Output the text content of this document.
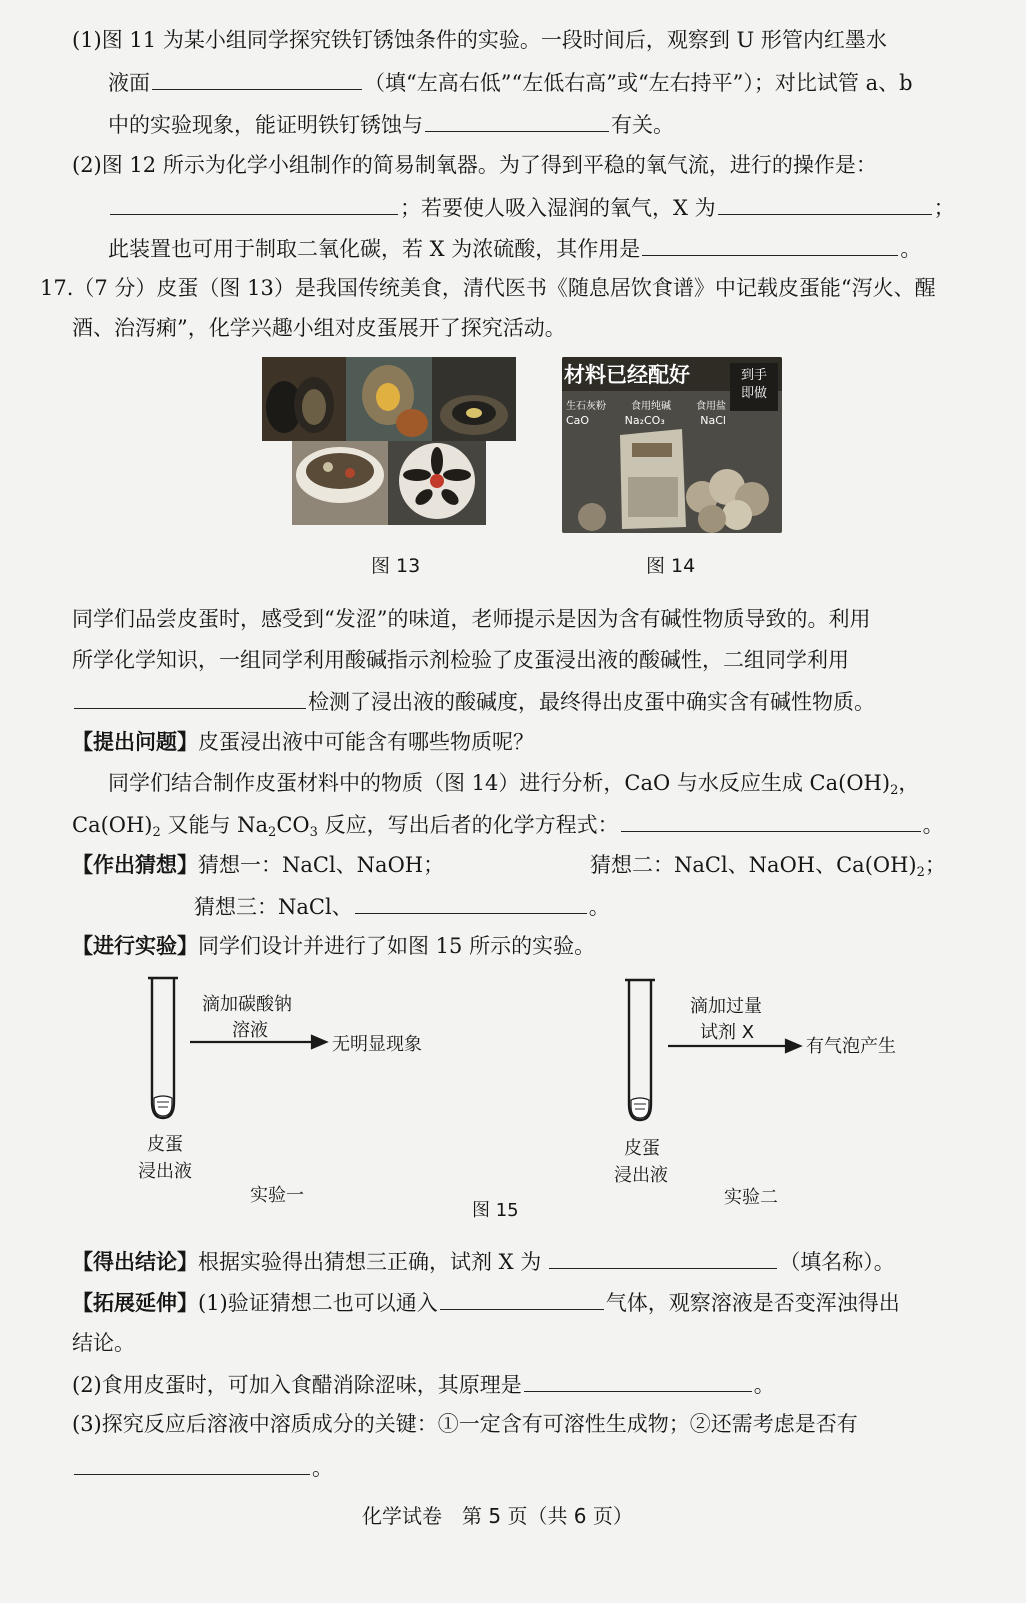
(1)图 11 为某小组同学探究铁钉锈蚀条件的实验。一段时间后，观察到 U 形管内红墨水
液面	（填“左高右低”“左低右高”或“左右持平”）；对比试管 a、b
中的实验现象，能证明铁钉锈蚀与	有关。
(2)图 12 所示为化学小组制作的简易制氧器。为了得到平稳的氧气流，进行的操作是：
；若要使人吸入湿润的氧气，X 为	；
此装置也可用于制取二氧化碳，若 X 为浓硫酸，其作用是	。
17.（7 分）皮蛋（图 13）是我国传统美食，清代医书《随息居饮食谱》中记载皮蛋能“泻火、醒
酒、治泻痢”，化学兴趣小组对皮蛋展开了探究活动。
图 13
材料已经配好	到手
即做
生石灰粉	食用纯碱	食用盐
CaO	Na₂CO₃	NaCl
图 14
同学们品尝皮蛋时，感受到“发涩”的味道，老师提示是因为含有碱性物质导致的。利用
所学化学知识，一组同学利用酸碱指示剂检验了皮蛋浸出液的酸碱性，二组同学利用
检测了浸出液的酸碱度，最终得出皮蛋中确实含有碱性物质。
【提出问题】皮蛋浸出液中可能含有哪些物质呢？
同学们结合制作皮蛋材料中的物质（图 14）进行分析，CaO 与水反应生成 $Ca(OH)_2$，
$Ca(OH)_2$ 又能与 $Na_2CO_3$ 反应，写出后者的化学方程式：	。
【作出猜想】猜想一：NaCl、NaOH；	猜想二：NaCl、NaOH、$Ca(OH)_2$；
猜想三：NaCl、	。
【进行实验】同学们设计并进行了如图 15 所示的实验。
滴加碳酸钠
溶液
无明显现象
皮蛋
浸出液
实验一
滴加过量
试剂 X
有气泡产生
皮蛋
浸出液
实验二
图 15
【得出结论】根据实验得出猜想三正确，试剂 X 为	（填名称）。
【拓展延伸】(1)验证猜想二也可以通入	气体，观察溶液是否变浑浊得出
结论。
(2)食用皮蛋时，可加入食醋消除涩味，其原理是	。
(3)探究反应后溶液中溶质成分的关键：①一定含有可溶性生成物；②还需考虑是否有
。
化学试卷　第 5 页（共 6 页）
